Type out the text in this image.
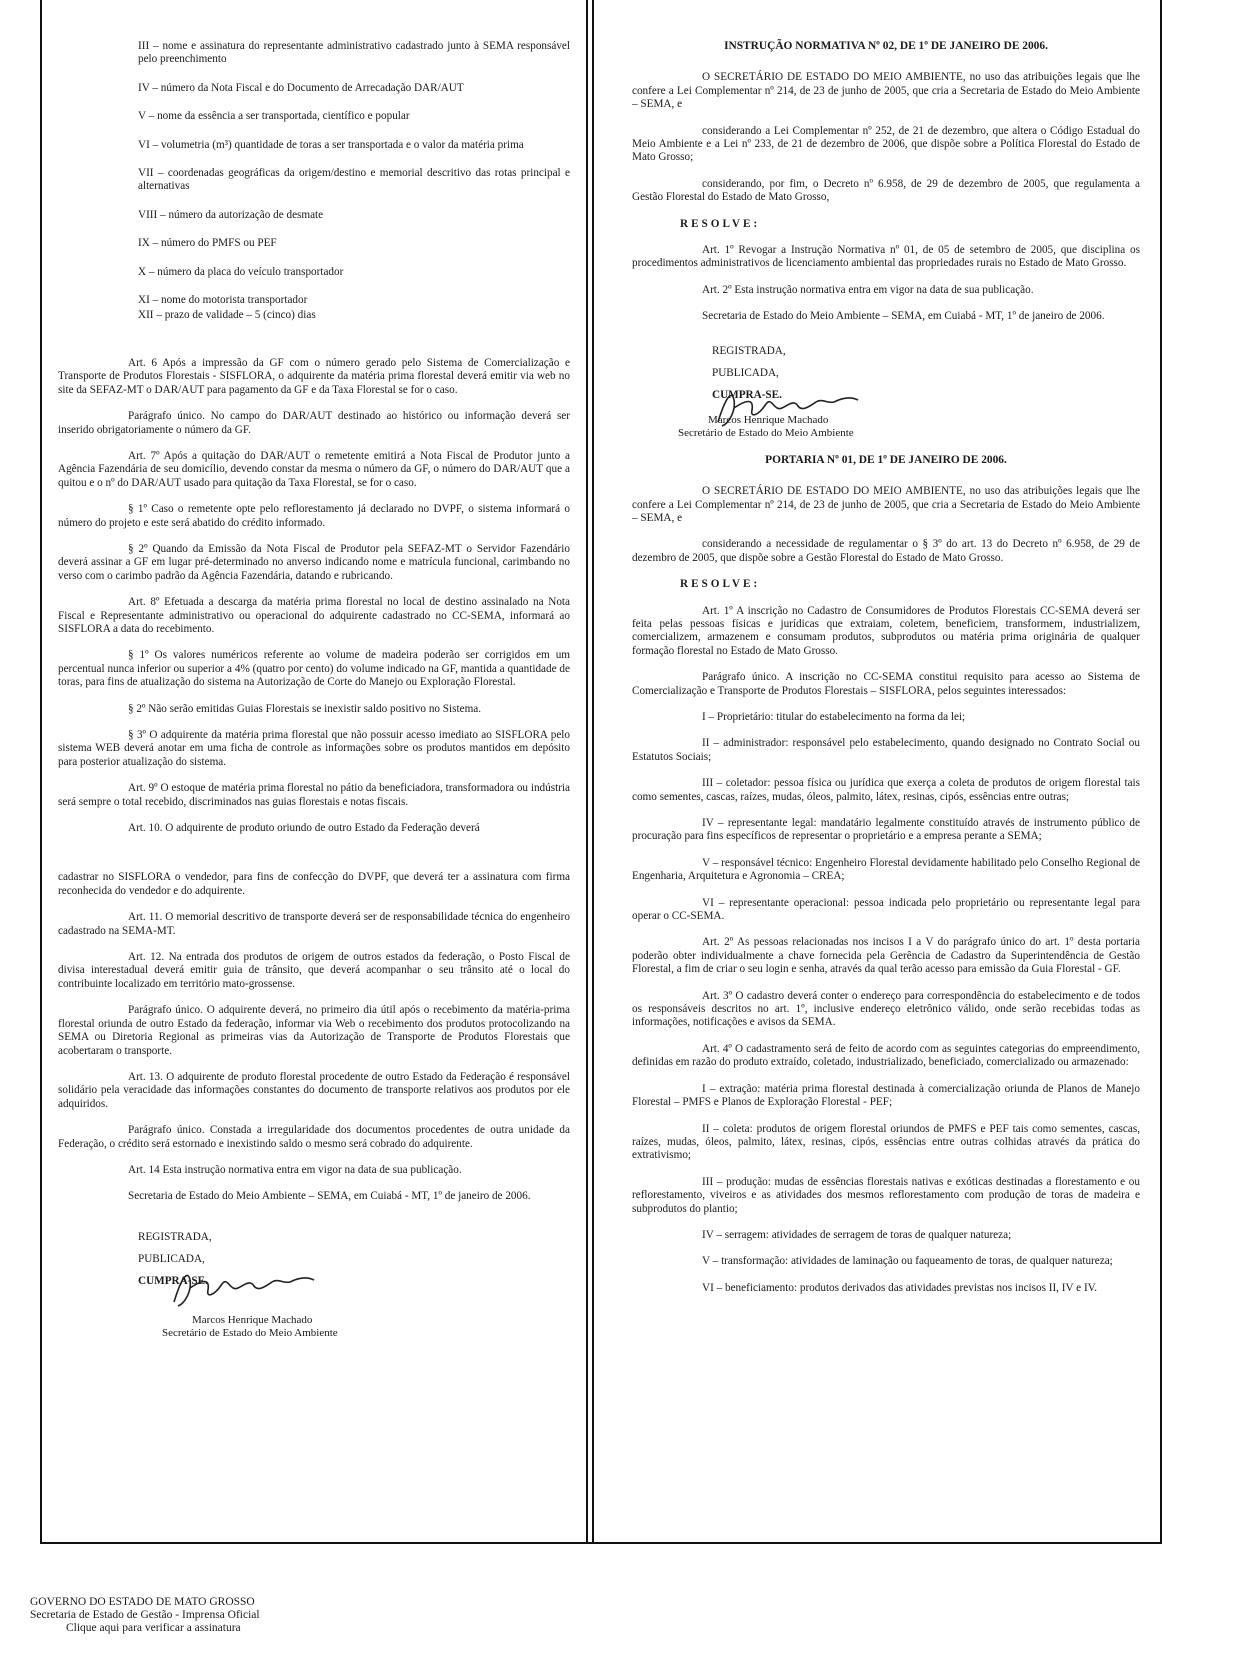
III – nome e assinatura do representante administrativo cadastrado junto à SEMA responsável pelo preenchimento

IV – número da Nota Fiscal e do Documento de Arrecadação DAR/AUT

V – nome da essência a ser transportada, científico e popular

VI – volumetria (m³) quantidade de toras a ser transportada e o valor da matéria prima

VII – coordenadas geográficas da origem/destino e memorial descritivo das rotas principal e alternativas

VIII – número da autorização de desmate

IX – número do PMFS ou PEF

X – número da placa do veículo transportador

XI – nome do motorista transportador

XII – prazo de validade – 5 (cinco) dias

Art. 6 Após a impressão da GF com o número gerado pelo Sistema de Comercialização e Transporte de Produtos Florestais - SISFLORA, o adquirente da matéria prima florestal deverá emitir via web no site da SEFAZ-MT o DAR/AUT para pagamento da GF e da Taxa Florestal se for o caso.

Parágrafo único. No campo do DAR/AUT destinado ao histórico ou informação deverá ser inserido obrigatoriamente o número da GF.

Art. 7º Após a quitação do DAR/AUT o remetente emitirá a Nota Fiscal de Produtor junto a Agência Fazendária de seu domicílio, devendo constar da mesma o número da GF, o número do DAR/AUT que a quitou e o nº do DAR/AUT usado para quitação da Taxa Florestal, se for o caso.

§ 1º Caso o remetente opte pelo reflorestamento já declarado no DVPF, o sistema informará o número do projeto e este será abatido do crédito informado.

§ 2º Quando da Emissão da Nota Fiscal de Produtor pela SEFAZ-MT o Servidor Fazendário deverá assinar a GF em lugar pré-determinado no anverso indicando nome e matrícula funcional, carimbando no verso com o carimbo padrão da Agência Fazendária, datando e rubricando.

Art. 8º Efetuada a descarga da matéria prima florestal no local de destino assinalado na Nota Fiscal e Representante administrativo ou operacional do adquirente cadastrado no CC-SEMA, informará ao SISFLORA a data do recebimento.

§ 1º Os valores numéricos referente ao volume de madeira poderão ser corrigidos em um percentual nunca inferior ou superior a 4% (quatro por cento) do volume indicado na GF, mantida a quantidade de toras, para fins de atualização do sistema na Autorização de Corte do Manejo ou Exploração Florestal.

§ 2º Não serão emitidas Guias Florestais se inexistir saldo positivo no Sistema.

§ 3º O adquirente da matéria prima florestal que não possuir acesso imediato ao SISFLORA pelo sistema WEB deverá anotar em uma ficha de controle as informações sobre os produtos mantidos em depósito para posterior atualização do sistema.

Art. 9º O estoque de matéria prima florestal no pátio da beneficiadora, transformadora ou indústria será sempre o total recebido, discriminados nas guias florestais e notas fiscais.

Art. 10. O adquirente de produto oriundo de outro Estado da Federação deverá

cadastrar no SISFLORA o vendedor, para fins de confecção do DVPF, que deverá ter a assinatura com firma reconhecida do vendedor e do adquirente.

Art. 11. O memorial descritivo de transporte deverá ser de responsabilidade técnica do engenheiro cadastrado na SEMA-MT.

Art. 12. Na entrada dos produtos de origem de outros estados da federação, o Posto Fiscal de divisa interestadual deverá emitir guia de trânsito, que deverá acompanhar o seu trânsito até o local do contribuinte localizado em território mato-grossense.

Parágrafo único. O adquirente deverá, no primeiro dia útil após o recebimento da matéria-prima florestal oriunda de outro Estado da federação, informar via Web o recebimento dos produtos protocolizando na SEMA ou Diretoria Regional as primeiras vias da Autorização de Transporte de Produtos Florestais que acobertaram o transporte.

Art. 13. O adquirente de produto florestal procedente de outro Estado da Federação é responsável solidário pela veracidade das informações constantes do documento de transporte relativos aos produtos por ele adquiridos.

Parágrafo único. Constada a irregularidade dos documentos procedentes de outra unidade da Federação, o crédito será estornado e inexistindo saldo o mesmo será cobrado do adquirente.

Art. 14 Esta instrução normativa entra em vigor na data de sua publicação.

Secretaria de Estado do Meio Ambiente – SEMA, em Cuiabá - MT, 1º de janeiro de 2006.

REGISTRADA,
PUBLICADA,
CUMPRA-SE.
Marcos Henrique Machado
Secretário de Estado do Meio Ambiente

INSTRUÇÃO NORMATIVA Nº 02, DE 1º DE JANEIRO DE 2006.

O SECRETÁRIO DE ESTADO DO MEIO AMBIENTE, no uso das atribuições legais que lhe confere a Lei Complementar nº 214, de 23 de junho de 2005, que cria a Secretaria de Estado do Meio Ambiente – SEMA, e

considerando a Lei Complementar nº 252, de 21 de dezembro, que altera o Código Estadual do Meio Ambiente e a Lei nº 233, de 21 de dezembro de 2006, que dispõe sobre a Política Florestal do Estado de Mato Grosso;

considerando, por fim, o Decreto nº 6.958, de 29 de dezembro de 2005, que regulamenta a Gestão Florestal do Estado de Mato Grosso,

RESOLVE:

Art. 1º Revogar a Instrução Normativa nº 01, de 05 de setembro de 2005, que disciplina os procedimentos administrativos de licenciamento ambiental das propriedades rurais no Estado de Mato Grosso.

Art. 2º Esta instrução normativa entra em vigor na data de sua publicação.

Secretaria de Estado do Meio Ambiente – SEMA, em Cuiabá - MT, 1º de janeiro de 2006.

REGISTRADA,
PUBLICADA,
CUMPRA-SE.
Marcos Henrique Machado
Secretário de Estado do Meio Ambiente

PORTARIA Nº 01, DE 1º DE JANEIRO DE 2006.

O SECRETÁRIO DE ESTADO DO MEIO AMBIENTE, no uso das atribuições legais que lhe confere a Lei Complementar nº 214, de 23 de junho de 2005, que cria a Secretaria de Estado do Meio Ambiente – SEMA, e

considerando a necessidade de regulamentar o § 3º do art. 13 do Decreto nº 6.958, de 29 de dezembro de 2005, que dispõe sobre a Gestão Florestal do Estado de Mato Grosso.

RESOLVE:

Art. 1º A inscrição no Cadastro de Consumidores de Produtos Florestais CC-SEMA deverá ser feita pelas pessoas físicas e jurídicas que extraiam, coletem, beneficiem, transformem, industrializem, comercializem, armazenem e consumam produtos, subprodutos ou matéria prima originária de qualquer formação florestal no Estado de Mato Grosso.

Parágrafo único. A inscrição no CC-SEMA constitui requisito para acesso ao Sistema de Comercialização e Transporte de Produtos Florestais – SISFLORA, pelos seguintes interessados:

I – Proprietário: titular do estabelecimento na forma da lei;

II – administrador: responsável pelo estabelecimento, quando designado no Contrato Social ou Estatutos Sociais;

III – coletador: pessoa física ou jurídica que exerça a coleta de produtos de origem florestal tais como sementes, cascas, raízes, mudas, óleos, palmito, látex, resinas, cipós, essências entre outras;

IV – representante legal: mandatário legalmente constituído através de instrumento público de procuração para fins específicos de representar o proprietário e a empresa perante a SEMA;

V – responsável técnico: Engenheiro Florestal devidamente habilitado pelo Conselho Regional de Engenharia, Arquitetura e Agronomia – CREA;

VI – representante operacional: pessoa indicada pelo proprietário ou representante legal para operar o CC-SEMA.

Art. 2º As pessoas relacionadas nos incisos I a V do parágrafo único do art. 1º desta portaria poderão obter individualmente a chave fornecida pela Gerência de Cadastro da Superintendência de Gestão Florestal, a fim de criar o seu login e senha, através da qual terão acesso para emissão da Guia Florestal - GF.

Art. 3º O cadastro deverá conter o endereço para correspondência do estabelecimento e de todos os responsáveis descritos no art. 1º, inclusive endereço eletrônico válido, onde serão recebidas todas as informações, notificações e avisos da SEMA.

Art. 4º O cadastramento será de feito de acordo com as seguintes categorias do empreendimento, definidas em razão do produto extraído, coletado, industrializado, beneficiado, comercializado ou armazenado:

I – extração: matéria prima florestal destinada à comercialização oriunda de Planos de Manejo Florestal – PMFS e Planos de Exploração Florestal - PEF;

II – coleta: produtos de origem florestal oriundos de PMFS e PEF tais como sementes, cascas, raízes, mudas, óleos, palmito, látex, resinas, cipós, essências entre outras colhidas através da prática do extrativismo;

III – produção: mudas de essências florestais nativas e exóticas destinadas a florestamento e ou reflorestamento, viveiros e as atividades dos mesmos reflorestamento com produção de toras de madeira e subprodutos do plantio;

IV – serragem: atividades de serragem de toras de qualquer natureza;

V – transformação: atividades de laminação ou faqueamento de toras, de qualquer natureza;

VI – beneficiamento: produtos derivados das atividades previstas nos incisos II, IV e IV.

GOVERNO DO ESTADO DE MATO GROSSO
Secretaria de Estado de Gestão - Imprensa Oficial
Clique aqui para verificar a assinatura
